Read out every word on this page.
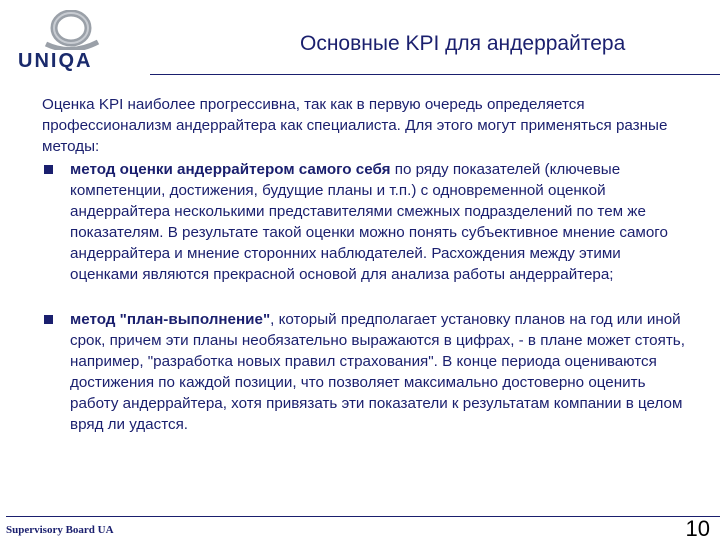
UNIQA
Основные KPI для андеррайтера

Оценка KPI наиболее прогрессивна, так как в первую очередь определяется профессионализм андеррайтера как специалиста. Для этого могут применяться разные методы:

метод оценки андеррайтером самого себя по ряду показателей (ключевые компетенции, достижения, будущие планы и т.п.) с одновременной оценкой андеррайтера несколькими представителями смежных подразделений по тем же показателям. В результате такой оценки можно понять субъективное мнение самого андеррайтера и мнение сторонних наблюдателей. Расхождения между этими оценками являются прекрасной основой для анализа работы андеррайтера;
метод "план-выполнение", который предполагает установку планов на год или иной срок, причем эти планы необязательно выражаются в цифрах, - в плане может стоять, например, "разработка новых правил страхования". В конце периода оцениваются достижения по каждой позиции, что позволяет максимально достоверно оценить работу андеррайтера, хотя привязать эти показатели к результатам компании в целом вряд ли удастся.
Supervisory Board UA	10
